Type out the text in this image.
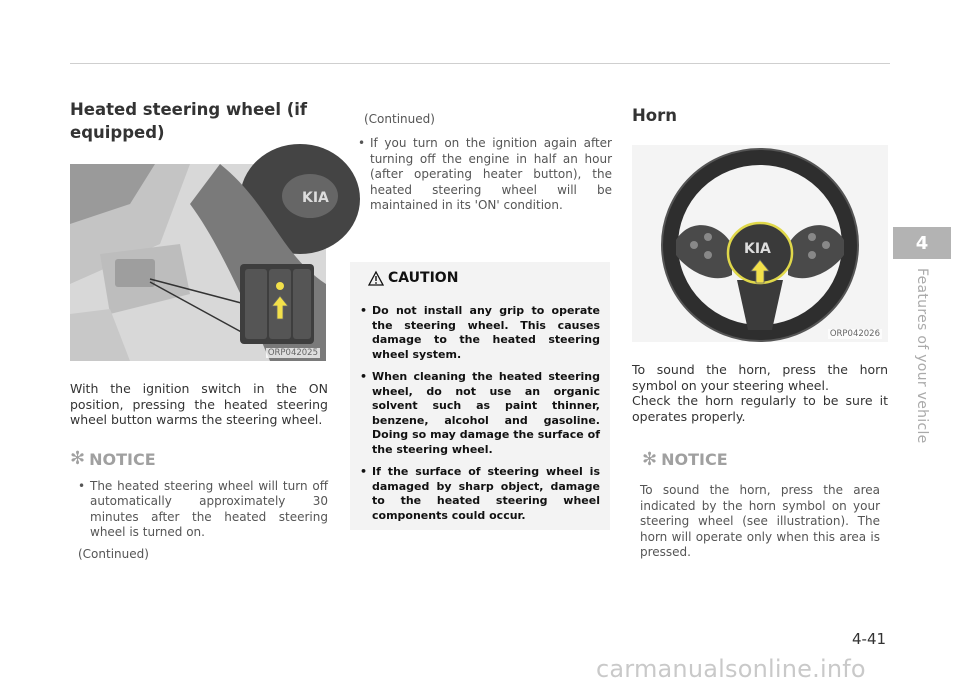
Heated steering wheel (if equipped)
KIA
ORP042025

With the ignition switch in the ON position, pressing the heated steering wheel button warms the steering wheel.

✻ NOTICE
• The heated steering wheel will turn off automatically approximately 30 minutes after the heated steering wheel is turned on.
(Continued)
(Continued)
• If you turn on the ignition again after turning off the engine in half an hour (after operating heater button), the heated steering wheel will be maintained in its 'ON' condition.
CAUTION
• Do not install any grip to operate the steering wheel. This causes damage to the heated steering wheel system.
• When cleaning the heated steering wheel, do not use an organic solvent such as paint thinner, benzene, alcohol and gasoline. Doing so may damage the surface of the steering wheel.
• If the surface of steering wheel is damaged by sharp object, damage to the heated steering wheel components could occur.
Horn
KIA
ORP042026

To sound the horn, press the horn symbol on your steering wheel.

Check the horn regularly to be sure it operates properly.

✻ NOTICE

To sound the horn, press the area indicated by the horn symbol on your steering wheel (see illustration). The horn will operate only when this area is pressed.

4
Features of your vehicle
4-41
carmanualsonline.info
